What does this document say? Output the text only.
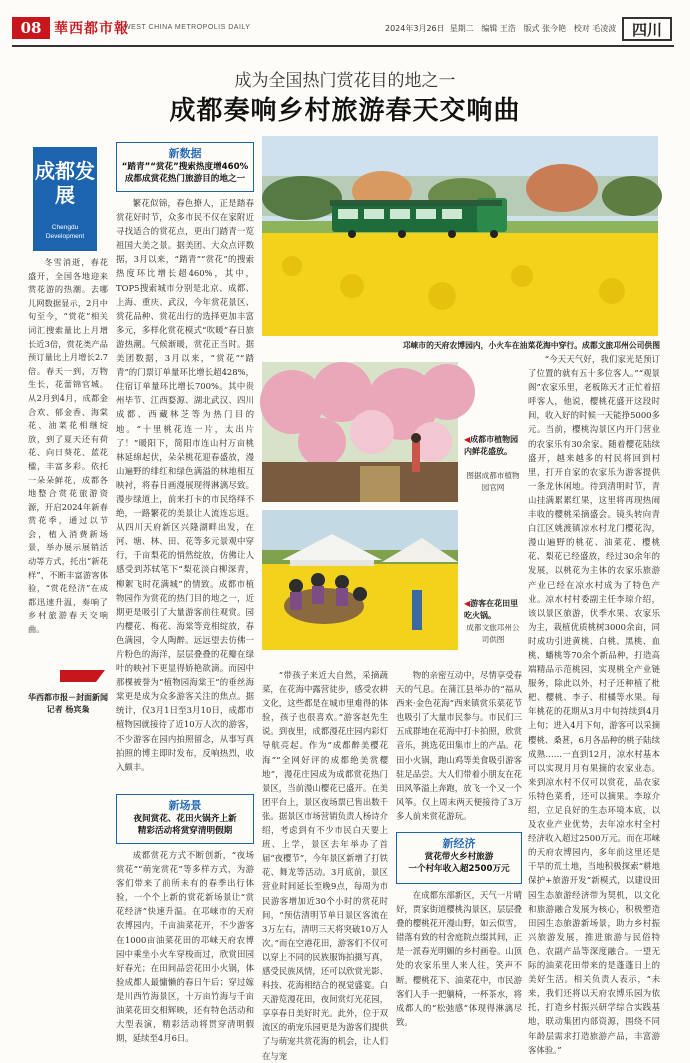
08 華西都市報
WEST CHINA METROPOLIS DAILY	2024年3月26日 星期二 编辑 王浩 版式 张今艳 校对 毛凌波	四川
成为全国热门赏花目的地之一
成都奏响乡村旅游春天交响曲
成都发展
Chengdu Development

冬雪消逝，春花盛开，全国各地迎来赏花游的热潮。去哪儿网数据显示，2月中旬至今，“赏花”相关词汇搜索量比上月增长近3倍，赏花类产品预订量比上月增长2.7倍。春天一到，万物生长，花蕾锦官城。从2月到4月，成都金合欢、郁金香、海棠花、油菜花相继绽放，到了夏天还有荷花、向日葵花、蓝花楹，丰富多彩。依托一朵朵鲜花，成都各地整合赏花旅游资源，开启2024年新春赏花季，通过以节会，植入消费新场景，举办展示展销活动等方式，托出“新花样”，不断丰富游客体验，“赏花经济”在成都迅速升温，奏响了乡村旅游春天交响曲。

华西都市报－封面新闻
记者 杨宾枭
新数据
“踏青”“赏花”搜索热度增460%
成都成赏花热门旅游目的地之一

繁花似锦，春色撩人，正是踏春赏花好时节，众多市民不仅在家附近寻找适合的赏花点，更出门踏青一览祖国大美之景。据美团、大众点评数据，3月以来，“踏青”“赏花”的搜索热度环比增长超460%，其中，TOP5搜索城市分别是北京、成都、上海、重庆、武汉，今年赏花景区、赏花品种、赏花出行的选择更加丰富多元，多样化赏花模式“吹暖”春日旅游热潮。气候渐暖，赏花正当时。据美团数据，3月以来，“赏花”“踏青”的门票订单量环比增长超428%，住宿订单量环比增长700%。其中贵州毕节、江西婺源、湖北武汉、四川成都、西藏林芝等为热门目的地。“十里桃花连一片，太出片了！”暖阳下，简阳市连山村万亩桃林延绵起伏，朵朵桃花迎春盛放，漫山遍野的绯红和绿色满溢的林地相互映衬，将春日画漫展现得淋漓尽致。漫步绿道上，前来打卡的市民络绎不绝，一路繁花的美景让人流连忘返。从四川天府新区兴隆湖畔出发，在河、塘、林、田、花等多元景观中穿行，千亩梨花的悄然绽放，仿佛让人感受到苏轼笔下“梨花淡白柳深青，柳絮飞时花满城”的情致。成都市植物园作为赏花的热门目的地之一，近期更是吸引了大量游客前往观赏。园内樱花、梅花、海棠等竞相绽放，春色满园，令人陶醉。远远望去仿佛一片粉色的海洋，层层叠叠的花瓣在绿叶的映衬下更显得娇艳欲滴。而园中那棵被誉为“植物园海棠王”的垂丝海棠更是成为众多游客关注的焦点。据统计，仅3月1日至3月10日，成都市植物园就接待了近10万人次的游客，不少游客在园内拍照留念，从事写真拍照的博主即时发布，反响热烈，收入颇丰。

新场景
夜间赏花、花田火锅齐上新
精彩活动将赏穿清明假期

成都赏花方式不断创新，“夜场赏花”“萌宠赏花”等多样方式，为游客们带来了前所未有的春季出行体验，一个个上新的赏花新场景让“赏花经济”快速升温。在邛崃市的天府农博园内，千亩油菜花开，不少游客在1000亩油菜花田的邛崃天府农博园中乘坐小火车穿梭而过，欣赏田园好春光；在田间品尝花田小火锅，体验成都人最慵懒的春日午后；穿过嫁是川西竹海景区，十万亩竹海与千亩油菜花田交相辉映，还有特色活动和大型表演，精彩活动将贯穿清明假期，延续至4月6日。

邛崃市的天府农博园内，小火车在油菜花海中穿行。成都文旅邛州公司供图
◀成都市植物园内鲜花盛放。
图据成都市植物园官网
◀游客在花田里吃火锅。
成都文旅邛州公司供图

“带孩子来近大自然，采摘蔬菜，在花海中露营徒步，感受农耕文化，这些都是在城市里难得的体验，孩子也很喜欢。”游客赵先生说。到夜里，成都漫花庄园内彩灯导航亮起。作为“成都醉美樱花海”“全网好评的成都绝美赏樱地”，漫花庄园成为成都赏花热门景区，当前漫山樱花已盛开。在美团平台上，景区夜场票已售出数千张。据景区市场营销负责人杨诗介绍，考虑到有不少市民白天要上班、上学，景区去年举办了首届“夜樱节”，今年景区新增了打铁花、舞龙等活动。3月底前，景区营业时间延长至晚9点，每周为市民游客增加近30个小时的赏花时间，“预估清明节单日景区客流在3万左右，清明三天将突破10万人次。”而在空港花田，游客们不仅可以穿上不同的民族服饰拍摄写真，感受民族风情，还可以欣赏光影、科技、花海相结合的视觉盛宴。白天游览漫花田，夜间赏灯光花园，享享春日美好时光。此外，位于双流区的萌宠乐园更是为游客们提供了与萌宠共赏花海的机会，让人们在与宠

物的亲密互动中，尽情享受春天的气息。在蒲江县举办的“福从西来·金色花海”西来镇赏乐菜花节也吸引了大量市民参与。市民们三五成群地在花海中打卡拍照，欣赏音乐，挑选花田集市上的产品。花田小火锅，跑山鸡等美食吸引游客驻足品尝。大人们带着小朋友在花田风筝溢上奔跑，放飞一个又一个风筝。仅上周末两天便接待了3万多人前来赏花游玩。

新经济
赏花带火乡村旅游
一个村年收入超2500万元

在成都东部新区，天气一片晴好，贾家街道樱桃沟景区，层层叠叠的樱桃花开漫山野，如云似雪，错落有致的村舍庭院点缀其间，正是一派春光明媚的乡村画卷。山顶处的农家乐里人来人往，笑声不断。樱桃花下、油菜花中，市民游客们人手一把躺椅，一杯茶水，将成都人的“松弛感”体现得淋漓尽致。

“今天天气好，我们家光是预订了位置的就有五十多位客人。”“观景阁”农家乐里，老板陈天才正忙着招呼客人，他说，樱桃花盛开这段时间，收入好的时候一天能挣5000多元。当前，樱桃沟景区内开门营业的农家乐有30余家。随着樱花陆续盛开，越来越多的村民将回到村里，打开自家的农家乐为游客提供一条龙休闲地。待到清明时节，青山挂满累累红果，这里将再现热闹丰收的樱桃采摘盛会。镜头转向青白江区姚渡镇凉水村龙门樱花沟，漫山遍野的桃花、油菜花、樱桃花、梨花已经盛放，经过30余年的发展，以桃花为主体的农家乐旅游产业已经在凉水村成为了特色产业。凉水村村委副主任李琼介绍，该以景区旅游，伏季水果、农家乐为主，栽植优质桃树3000余亩，同时成功引进黄桃、白桃、黑桃、血桃、蟠桃等70余个新品种，打造高端精品示范桃园，实现桃全产业链服务，除此以外，村子还种植了枇杷、樱桃、李子、柑橘等水果。每年桃花的花期从3月中旬持续到4月上旬；进入4月下旬，游客可以采摘樱桃、桑葚，6月各品种的桃子陆续成熟……一直到12月，凉水村基本可以实现月月有果摘的农家业态。来到凉水村不仅可以赏花，品农家乐特色菜肴，还可以摘果。李琼介绍，立足良好的生态环境本底，以及农业产业优势，去年凉水村全村经济收入超过2500万元。而在邛崃的天府农博园内，多年前这里还是干旱的荒土地，当地积极探索“耕地保护+旅游开发”新模式，以建设田园生态旅游经济带为契机，以文化和旅游融合发展为核心，积极塑造田园生态旅游新场景，助力乡村振兴旅游发展，推进旅游与民俗特色、农副产品等深度融合。一望无际的油菜花田带来的是蓬蓬日上的美好生活。相关负责人表示，“未来，我们还将以天府农博乐园为依托，打造乡村振兴研学综合实践基地，联动集团内部资源，围绕不同年龄层需求打造旅游产品，丰富游客体验。”
